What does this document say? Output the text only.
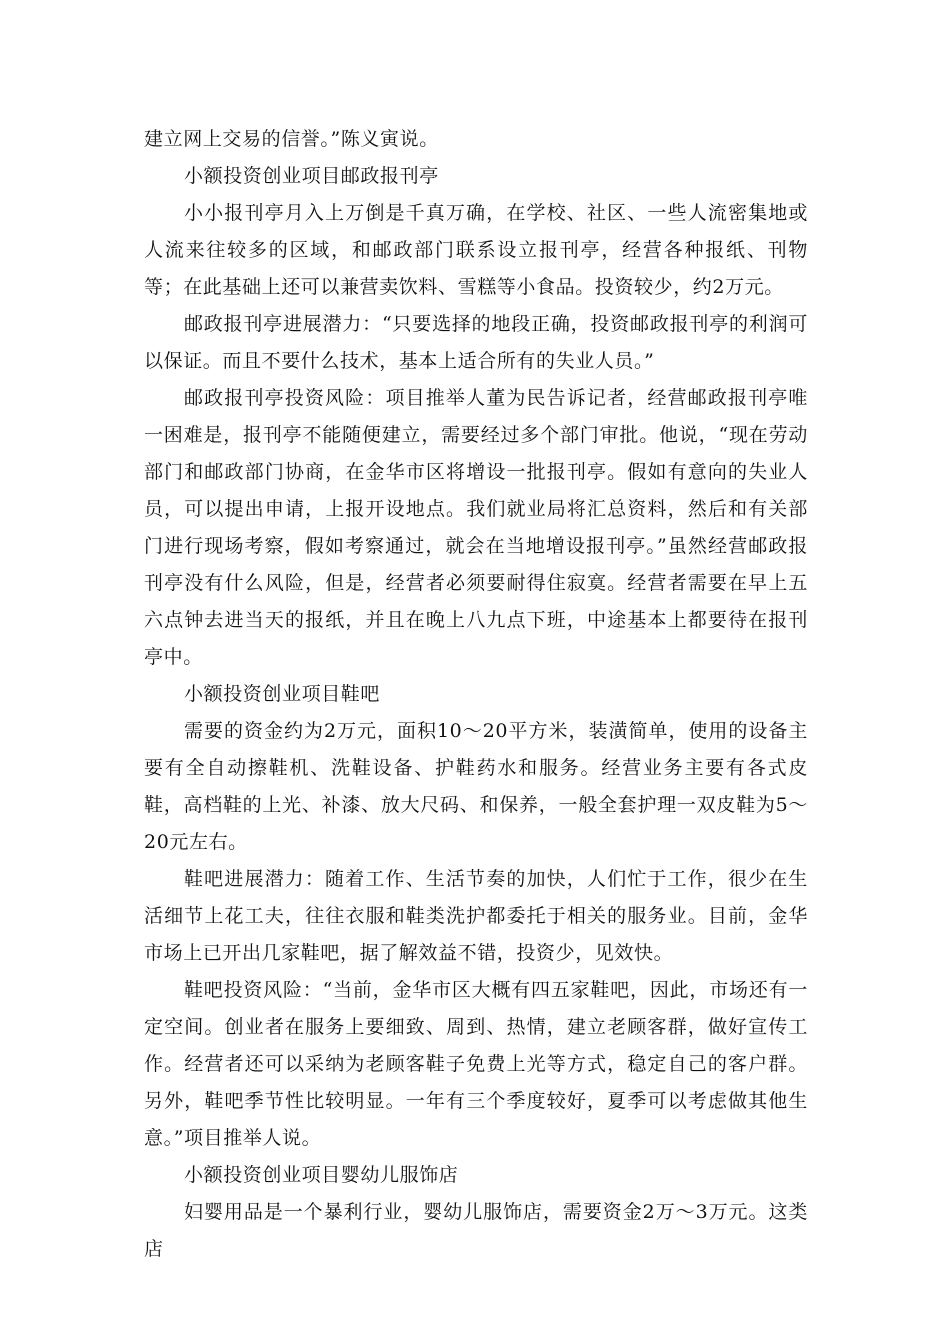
建立网上交易的信誉。”陈义寅说。

小额投资创业项目邮政报刊亭

小小报刊亭月入上万倒是千真万确，在学校、社区、一些人流密集地或人流来往较多的区域，和邮政部门联系设立报刊亭，经营各种报纸、刊物等；在此基础上还可以兼营卖饮料、雪糕等小食品。投资较少，约2万元。

邮政报刊亭进展潜力：“只要选择的地段正确，投资邮政报刊亭的利润可以保证。而且不要什么技术，基本上适合所有的失业人员。”

邮政报刊亭投资风险：项目推举人董为民告诉记者，经营邮政报刊亭唯一困难是，报刊亭不能随便建立，需要经过多个部门审批。他说，“现在劳动部门和邮政部门协商，在金华市区将增设一批报刊亭。假如有意向的失业人员，可以提出申请，上报开设地点。我们就业局将汇总资料，然后和有关部门进行现场考察，假如考察通过，就会在当地增设报刊亭。”虽然经营邮政报刊亭没有什么风险，但是，经营者必须要耐得住寂寞。经营者需要在早上五六点钟去进当天的报纸，并且在晚上八九点下班，中途基本上都要待在报刊亭中。

小额投资创业项目鞋吧

需要的资金约为2万元，面积10～20平方米，装潢简单，使用的设备主要有全自动擦鞋机、洗鞋设备、护鞋药水和服务。经营业务主要有各式皮鞋，高档鞋的上光、补漆、放大尺码、和保养，一般全套护理一双皮鞋为5～20元左右。

鞋吧进展潜力：随着工作、生活节奏的加快，人们忙于工作，很少在生活细节上花工夫，往往衣服和鞋类洗护都委托于相关的服务业。目前，金华市场上已开出几家鞋吧，据了解效益不错，投资少，见效快。

鞋吧投资风险：“当前，金华市区大概有四五家鞋吧，因此，市场还有一定空间。创业者在服务上要细致、周到、热情，建立老顾客群，做好宣传工作。经营者还可以采纳为老顾客鞋子免费上光等方式，稳定自己的客户群。另外，鞋吧季节性比较明显。一年有三个季度较好，夏季可以考虑做其他生意。”项目推举人说。

小额投资创业项目婴幼儿服饰店

妇婴用品是一个暴利行业，婴幼儿服饰店，需要资金2万～3万元。这类店
